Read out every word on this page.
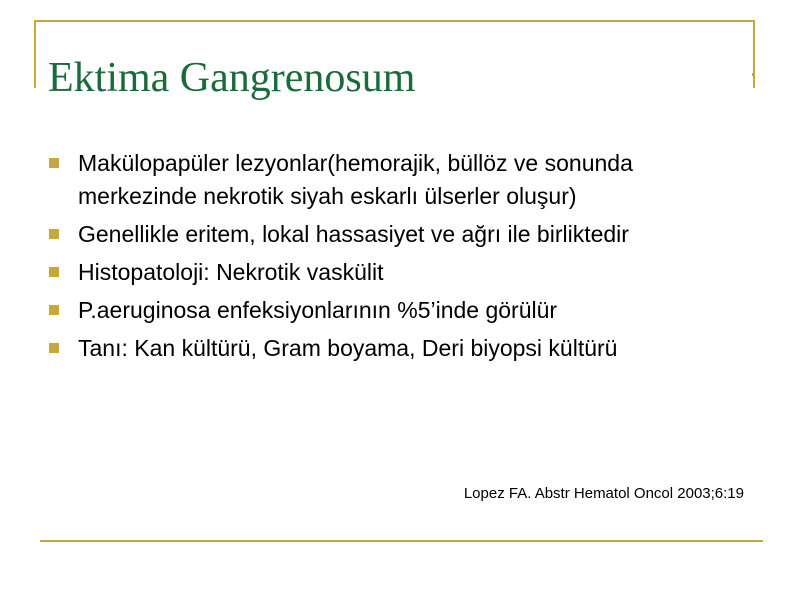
Ektima Gangrenosum
Makülopapüler lezyonlar(hemorajik, büllöz ve sonunda merkezinde nekrotik siyah eskarlı ülserler oluşur)
Genellikle eritem, lokal hassasiyet ve ağrı ile birliktedir
Histopatoloji: Nekrotik vaskülit
P.aeruginosa enfeksiyonlarının %5’inde görülür
Tanı: Kan kültürü, Gram boyama, Deri biyopsi kültürü

Lopez FA. Abstr Hematol Oncol 2003;6:19
